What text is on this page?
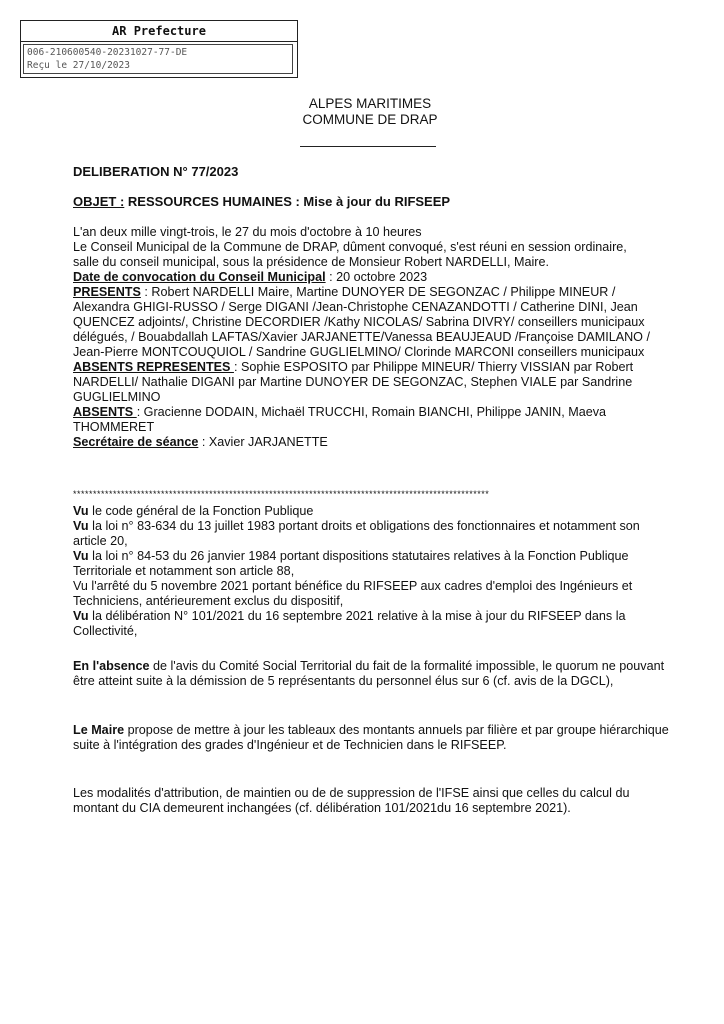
AR Prefecture
006-210600540-20231027-77-DE
Reçu le 27/10/2023
ALPES MARITIMES
COMMUNE DE DRAP
DELIBERATION N° 77/2023
OBJET : RESSOURCES HUMAINES : Mise à jour du RIFSEEP

L'an deux mille vingt-trois, le 27 du mois d'octobre à 10 heures

Le Conseil Municipal de la Commune de DRAP, dûment convoqué, s'est réuni en session ordinaire,

salle du conseil municipal, sous la présidence de Monsieur Robert NARDELLI, Maire.

Date de convocation du Conseil Municipal : 20 octobre 2023

PRESENTS : Robert NARDELLI Maire, Martine DUNOYER DE SEGONZAC / Philippe MINEUR / Alexandra GHIGI-RUSSO / Serge DIGANI /Jean-Christophe CENAZANDOTTI / Catherine DINI, Jean QUENCEZ adjoints/, Christine DECORDIER /Kathy NICOLAS/ Sabrina DIVRY/ conseillers municipaux délégués, / Bouabdallah LAFTAS/Xavier JARJANETTE/Vanessa BEAUJEAUD /Françoise DAMILANO / Jean-Pierre MONTCOUQUIOL / Sandrine GUGLIELMINO/ Clorinde MARCONI conseillers municipaux

ABSENTS REPRESENTES : Sophie ESPOSITO par Philippe MINEUR/ Thierry VISSIAN par Robert NARDELLI/ Nathalie DIGANI par Martine DUNOYER DE SEGONZAC, Stephen VIALE par Sandrine GUGLIELMINO

ABSENTS : Gracienne DODAIN, Michaël TRUCCHI, Romain BIANCHI, Philippe JANIN, Maeva THOMMERET

Secrétaire de séance : Xavier JARJANETTE

********************************************************************************************************

Vu le code général de la Fonction Publique

Vu la loi n° 83-634 du 13 juillet 1983 portant droits et obligations des fonctionnaires et notamment son article 20,

Vu la loi n° 84-53 du 26 janvier 1984 portant dispositions statutaires relatives à la Fonction Publique Territoriale et notamment son article 88,

Vu l'arrêté du 5 novembre 2021 portant bénéfice du RIFSEEP aux cadres d'emploi des Ingénieurs et Techniciens, antérieurement exclus du dispositif,

Vu la délibération N° 101/2021 du 16 septembre 2021 relative à la mise à jour du RIFSEEP dans la Collectivité,

En l'absence de l'avis du Comité Social Territorial du fait de la formalité impossible, le quorum ne pouvant être atteint suite à la démission de 5 représentants du personnel élus sur 6 (cf. avis de la DGCL),

Le Maire propose de mettre à jour les tableaux des montants annuels par filière et par groupe hiérarchique suite à l'intégration des grades d'Ingénieur et de Technicien dans le RIFSEEP.

Les modalités d'attribution, de maintien ou de de suppression de l'IFSE ainsi que celles du calcul du montant du CIA demeurent inchangées (cf. délibération 101/2021du 16 septembre 2021).
